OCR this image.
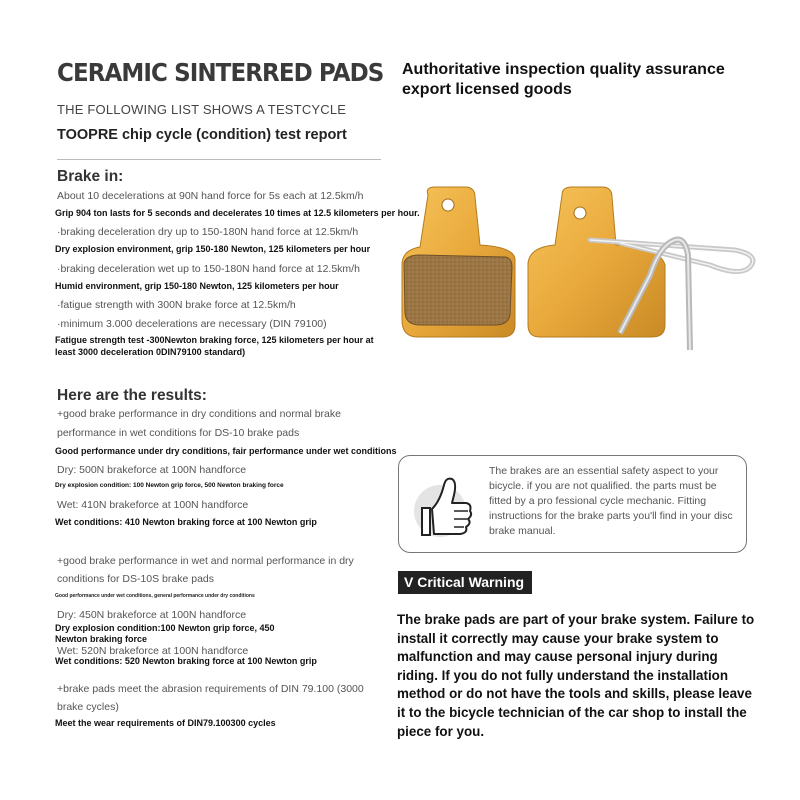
CERAMIC SINTERRED PADS
THE FOLLOWING LIST SHOWS A TESTCYCLE
TOOPRE chip cycle (condition) test report
Authoritative inspection quality assurance export licensed goods
Brake in:
About 10 decelerations at 90N hand force for 5s each at 12.5km/h
Grip 904 ton lasts for 5 seconds and decelerates 10 times at 12.5 kilometers per hour.
·braking deceleration dry up to 150-180N hand force at 12.5km/h
Dry explosion environment, grip 150-180 Newton, 125 kilometers per hour
·braking deceleration wet up to 150-180N hand force at 12.5km/h
Humid environment, grip 150-180 Newton, 125 kilometers per hour
·fatigue strength with 300N brake force at 12.5km/h
·minimum 3.000 decelerations are necessary (DIN 79100)
Fatigue strength test -300Newton braking force, 125 kilometers per hour at least 3000 deceleration 0DIN79100 standard)
Here are the results:
+good brake performance in dry conditions and normal brake
performance in wet conditions for DS-10 brake pads
Good performance under dry conditions, fair performance under wet conditions
Dry: 500N brakeforce at 100N handforce
Dry explosion condition: 100 Newton grip force, 500 Newton braking force
Wet: 410N brakeforce at 100N handforce
Wet conditions: 410 Newton braking force at 100 Newton grip
+good brake performance in wet and normal performance in dry
conditions for DS-10S brake pads
Good performance under wet conditions, general performance under dry conditions
Dry: 450N brakeforce at 100N handforce
Dry explosion condition:100 Newton grip force, 450 Newton braking force
Wet: 520N brakeforce at 100N handforce
Wet conditions: 520 Newton braking force at 100 Newton grip
+brake pads meet the abrasion requirements of DIN 79.100 (3000
brake cycles)
Meet the wear requirements of DIN79.100300 cycles
The brakes are an essential safety aspect to your bicycle. if you are not qualified. the parts must be fitted by a pro fessional cycle mechanic. Fitting instructions for the brake parts you'll find in your disc brake manual.
V Critical Warning
The brake pads are part of your brake system. Failure to install it correctly may cause your brake system to malfunction and may cause personal injury during riding. If you do not fully understand the installation method or do not have the tools and skills, please leave it to the bicycle technician of the car shop to install the piece for you.
